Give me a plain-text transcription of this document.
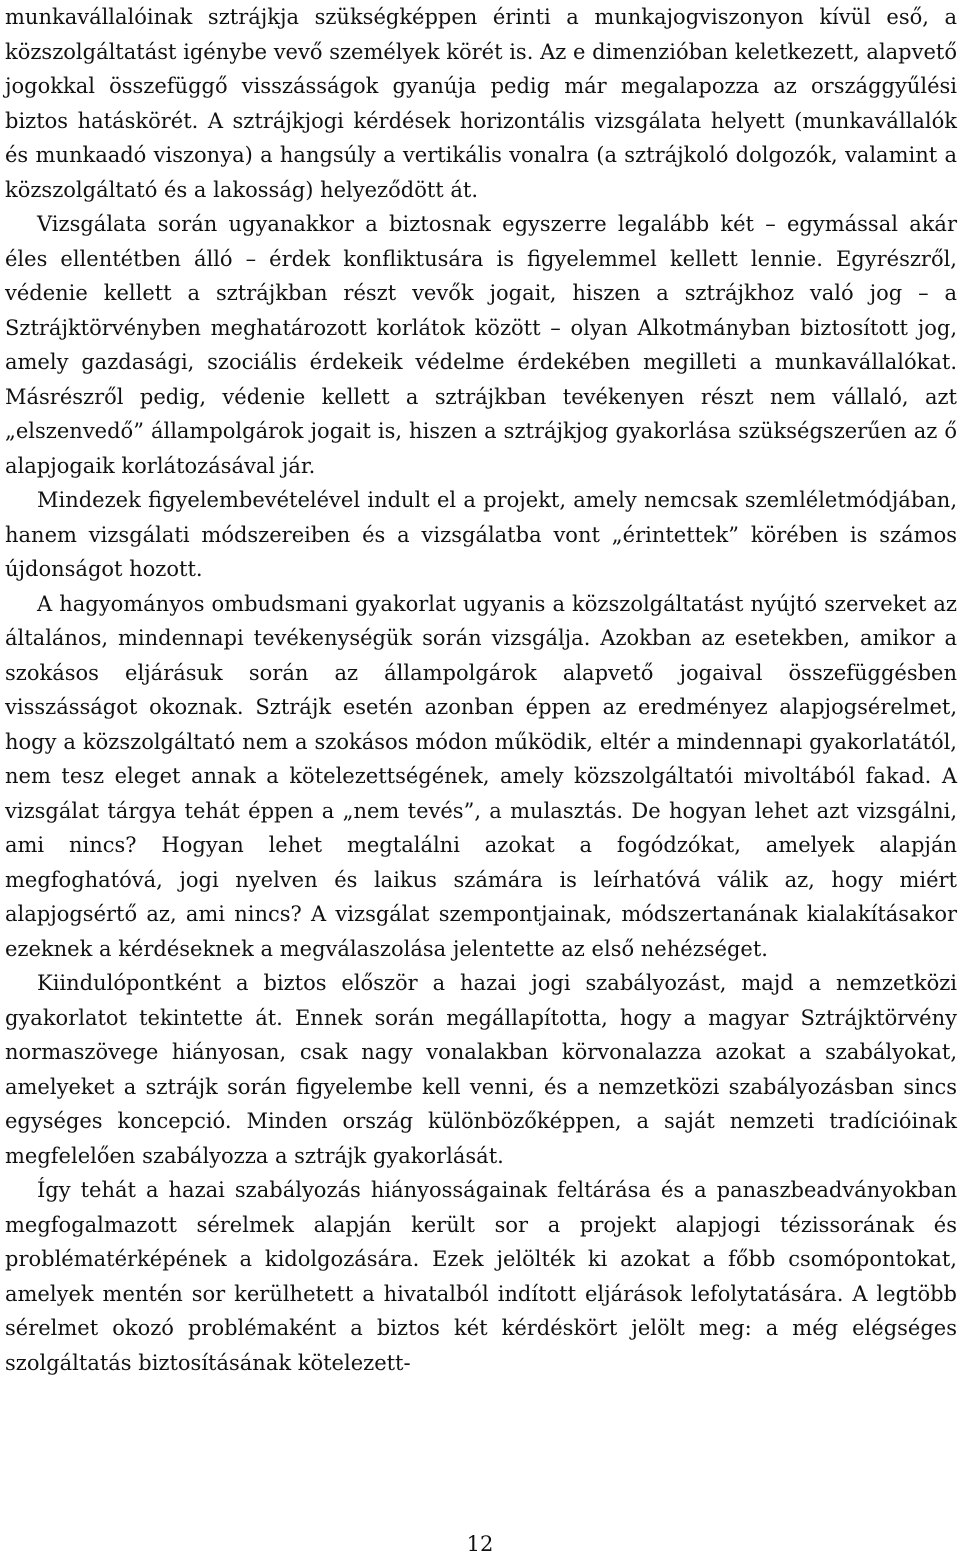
munkavállalóinak sztrájkja szükségképpen érinti a munkajogviszonyon kívül eső, a közszolgáltatást igénybe vevő személyek körét is. Az e dimenzióban keletkezett, alapvető jogokkal összefüggő visszásságok gyanúja pedig már megalapozza az országgyűlési biztos hatáskörét. A sztrájkjogi kérdések horizontális vizsgálata helyett (munkavállalók és munkaadó viszonya) a hangsúly a vertikális vonalra (a sztrájkoló dolgozók, valamint a közszolgáltató és a lakosság) helyeződött át.

Vizsgálata során ugyanakkor a biztosnak egyszerre legalább két – egymással akár éles ellentétben álló – érdek konfliktusára is figyelemmel kellett lennie. Egyrészről, védenie kellett a sztrájkban részt vevők jogait, hiszen a sztrájkhoz való jog – a Sztrájktörvényben meghatározott korlátok között – olyan Alkotmányban biztosított jog, amely gazdasági, szociális érdekeik védelme érdekében megilleti a munkavállalókat. Másrészről pedig, védenie kellett a sztrájkban tevékenyen részt nem vállaló, azt „elszenvedő” állampolgárok jogait is, hiszen a sztrájkjog gyakorlása szükségszerűen az ő alapjogaik korlátozásával jár.

Mindezek figyelembevételével indult el a projekt, amely nemcsak szemléletmódjában, hanem vizsgálati módszereiben és a vizsgálatba vont „érintettek” körében is számos újdonságot hozott.

A hagyományos ombudsmani gyakorlat ugyanis a közszolgáltatást nyújtó szerveket az általános, mindennapi tevékenységük során vizsgálja. Azokban az esetekben, amikor a szokásos eljárásuk során az állampolgárok alapvető jogaival összefüggésben visszásságot okoznak. Sztrájk esetén azonban éppen az eredményez alapjogsérelmet, hogy a közszolgáltató nem a szokásos módon működik, eltér a mindennapi gyakorlatától, nem tesz eleget annak a kötelezettségének, amely közszolgáltatói mivoltából fakad. A vizsgálat tárgya tehát éppen a „nem tevés”, a mulasztás. De hogyan lehet azt vizsgálni, ami nincs? Hogyan lehet megtalálni azokat a fogódzókat, amelyek alapján megfoghatóvá, jogi nyelven és laikus számára is leírhatóvá válik az, hogy miért alapjogsértő az, ami nincs? A vizsgálat szempontjainak, módszertanának kialakításakor ezeknek a kérdéseknek a megválaszolása jelentette az első nehézséget.

Kiindulópontként a biztos először a hazai jogi szabályozást, majd a nemzetközi gyakorlatot tekintette át. Ennek során megállapította, hogy a magyar Sztrájktörvény normaszövege hiányosan, csak nagy vonalakban körvonalazza azokat a szabályokat, amelyeket a sztrájk során figyelembe kell venni, és a nemzetközi szabályozásban sincs egységes koncepció. Minden ország különbözőképpen, a saját nemzeti tradícióinak megfelelően szabályozza a sztrájk gyakorlását.

Így tehát a hazai szabályozás hiányosságainak feltárása és a panaszbeadványokban megfogalmazott sérelmek alapján került sor a projekt alapjogi tézissorának és problématérképének a kidolgozására. Ezek jelölték ki azokat a főbb csomópontokat, amelyek mentén sor kerülhetett a hivatalból indított eljárások lefolytatására. A legtöbb sérelmet okozó problémaként a biztos két kérdéskört jelölt meg: a még elégséges szolgáltatás biztosításának kötelezett-

12
